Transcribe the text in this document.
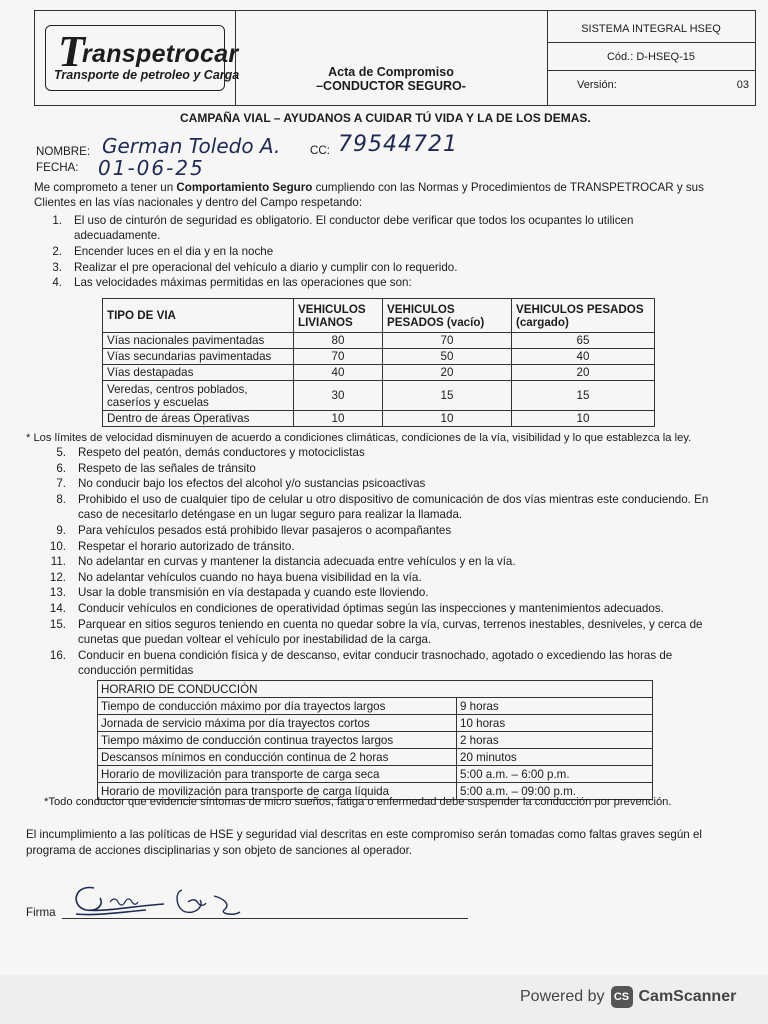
T
ranspetrocar
Transporte de petroleo y Carga	Acta de Compromiso
–CONDUCTOR SEGURO-
SISTEMA INTEGRAL HSEQ
Cód.: D-HSEQ-15
Versión:	03
CAMPAÑA VIAL – AYUDANOS A CUIDAR TÚ VIDA Y LA DE LOS DEMAS.
NOMBRE: German Toledo A.	CC: 79544721
FECHA: 01-06-25
Me comprometo a tener un Comportamiento Seguro cumpliendo con las Normas y Procedimientos de TRANSPETROCAR y sus
Clientes en las vías nacionales y dentro del Campo respetando:
1. El uso de cinturón de seguridad es obligatorio. El conductor debe verificar que todos los ocupantes lo utilicen
adecuadamente.
2. Encender luces en el dia y en la noche
3. Realizar el pre operacional del vehículo a diario y cumplir con lo requerido.
4. Las velocidades máximas permitidas en las operaciones que son:
TIPO DE VIA	VEHICULOS LIVIANOS	VEHICULOS PESADOS (vacío)	VEHICULOS PESADOS (cargado)
Vías nacionales pavimentadas	80	70	65
Vías secundarias pavimentadas	70	50	40
Vías destapadas	40	20	20
Veredas, centros poblados, caseríos y escuelas	30	15	15
Dentro de áreas Operativas	10	10	10
* Los límites de velocidad disminuyen de acuerdo a condiciones climáticas, condiciones de la vía, visibilidad y lo que establezca la ley.
5. Respeto del peatón, demás conductores y motociclistas
6. Respeto de las señales de tránsito
7. No conducir bajo los efectos del alcohol y/o sustancias psicoactivas
8. Prohibido el uso de cualquier tipo de celular u otro dispositivo de comunicación de dos vías mientras este conduciendo. En
caso de necesitarlo deténgase en un lugar seguro para realizar la llamada.
9. Para vehículos pesados está prohibido llevar pasajeros o acompañantes
10. Respetar el horario autorizado de tránsito.
11. No adelantar en curvas y mantener la distancia adecuada entre vehículos y en la vía.
12. No adelantar vehículos cuando no haya buena visibilidad en la vía.
13. Usar la doble transmisión en vía destapada y cuando este lloviendo.
14. Conducir vehículos en condiciones de operatividad óptimas según las inspecciones y mantenimientos adecuados.
15. Parquear en sitios seguros teniendo en cuenta no quedar sobre la vía, curvas, terrenos inestables, desniveles, y cerca de
cunetas que puedan voltear el vehículo por inestabilidad de la carga.
16. Conducir en buena condición física y de descanso, evitar conducir trasnochado, agotado o excediendo las horas de
conducción permitidas
HORARIO DE CONDUCCIÓN	
Tiempo de conducción máximo por día trayectos largos	9 horas
Jornada de servicio máxima por día trayectos cortos	10 horas
Tiempo máximo de conducción continua trayectos largos	2 horas
Descansos mínimos en conducción continua de 2 horas	20 minutos
Horario de movilización para transporte de carga seca	5:00 a.m. – 6:00 p.m.
Horario de movilización para transporte de carga líquida	5:00 a.m. – 09:00 p.m.
*Todo conductor que evidencie síntomas de micro sueños, fatiga o enfermedad debe suspender la conducción por prevención.
El incumplimiento a las políticas de HSE y seguridad vial descritas en este compromiso serán tomadas como faltas graves según el
programa de acciones disciplinarias y son objeto de sanciones al operador.
Firma
Powered by CS CamScanner
